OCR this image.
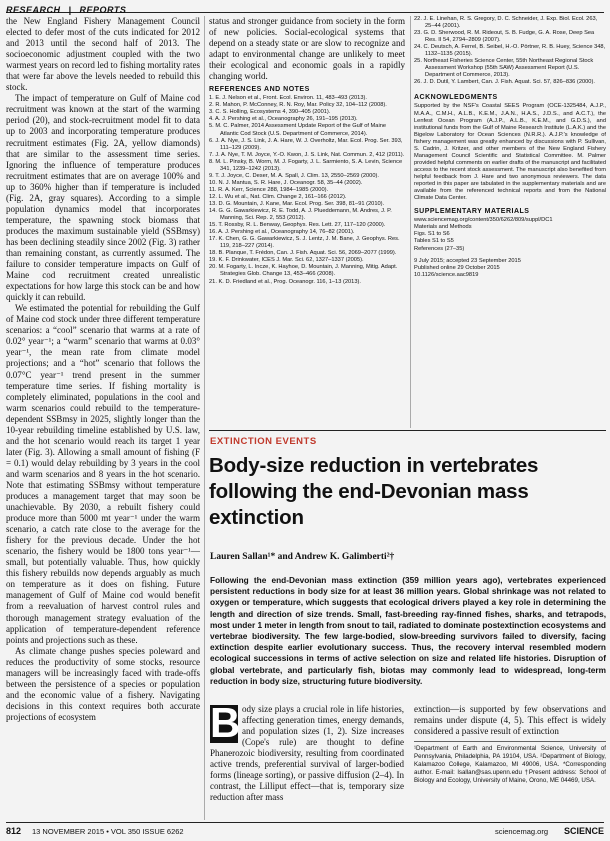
RESEARCH | REPORTS

the New England Fishery Management Council elected to defer most of the cuts indicated for 2012 and 2013 until the second half of 2013. The socioeconomic adjustment coupled with the two warmest years on record led to fishing mortality rates that were far above the levels needed to rebuild this stock.

The impact of temperature on Gulf of Maine cod recruitment was known at the start of the warming period (20), and stock-recruitment model fit to data up to 2003 and incorporating temperature produces recruitment estimates (Fig. 2A, yellow diamonds) that are similar to the assessment time series. Ignoring the influence of temperature produces recruitment estimates that are on average 100% and up to 360% higher than if temperature is included (Fig. 2A, gray squares). According to a simple population dynamics model that incorporates temperature, the spawning stock biomass that produces the maximum sustainable yield (SSBmsy) has been declining steadily since 2002 (Fig. 3) rather than remaining constant, as currently assumed. The failure to consider temperature impacts on Gulf of Maine cod recruitment created unrealistic expectations for how large this stock can be and how quickly it can rebuild.

We estimated the potential for rebuilding the Gulf of Maine cod stock under three different temperature scenarios: a “cool” scenario that warms at a rate of 0.02° year⁻¹; a “warm” scenario that warms at 0.03° year⁻¹, the mean rate from climate model projections; and a “hot” scenario that follows the 0.07°C year⁻¹ trend present in the summer temperature time series. If fishing mortality is completely eliminated, populations in the cool and warm scenarios could rebuild to the temperature-dependent SSBmsy in 2025, slightly longer than the 10-year rebuilding timeline established by U.S. law, and the hot scenario would reach its target 1 year later (Fig. 3). Allowing a small amount of fishing (F = 0.1) would delay rebuilding by 3 years in the cool and warm scenarios and 8 years in the hot scenario. Note that estimating SSBmsy without temperature produces a management target that may soon be unachievable. By 2030, a rebuilt fishery could produce more than 5000 mt year⁻¹ under the warm scenario, a catch rate close to the average for the fishery for the previous decade. Under the hot scenario, the fishery would be 1800 tons year⁻¹—small, but potentially valuable. Thus, how quickly this fishery rebuilds now depends arguably as much on temperature as it does on fishing. Future management of Gulf of Maine cod would benefit from a reevaluation of harvest control rules and thorough management strategy evaluation of the application of temperature-dependent reference points and projections such as these.

As climate change pushes species poleward and reduces the productivity of some stocks, resource managers will be increasingly faced with trade-offs between the persistence of a species or population and the economic value of a fishery. Navigating decisions in this context requires both accurate projections of ecosystem

status and stronger guidance from society in the form of new policies. Social-ecological systems that depend on a steady state or are slow to recognize and adapt to environmental change are unlikely to meet their ecological and economic goals in a rapidly changing world.

REFERENCES AND NOTES
1. E. J. Nelson et al., Front. Ecol. Environ. 11, 483–493 (2013).
2. R. Mahon, P. McConney, R. N. Roy, Mar. Policy 32, 104–112 (2008).
3. C. S. Holling, Ecosystems 4, 390–405 (2001).
4. A. J. Pershing et al., Oceanography 26, 191–195 (2013).
5. M. C. Palmer, 2014 Assessment Update Report of the Gulf of Maine Atlantic Cod Stock (U.S. Department of Commerce, 2014).
6. J. A. Nye, J. S. Link, J. A. Hare, W. J. Overholtz, Mar. Ecol. Prog. Ser. 393, 111–129 (2009).
7. J. A. Nye, T. M. Joyce, Y.-O. Kwon, J. S. Link, Nat. Commun. 2, 412 (2011).
8. M. L. Pinsky, B. Worm, M. J. Fogarty, J. L. Sarmiento, S. A. Levin, Science 341, 1239–1242 (2013).
9. T. J. Joyce, C. Deser, M. A. Spall, J. Clim. 13, 2550–2569 (2000).
10. N. J. Mantua, S. R. Hare, J. Oceanogr. 58, 35–44 (2002).
11. R. A. Kerr, Science 288, 1984–1985 (2000).
12. L. Wu et al., Nat. Clim. Change 2, 161–166 (2012).
13. D. G. Mountain, J. Kane, Mar. Ecol. Prog. Ser. 398, 81–91 (2010).
14. G. G. Gawarkiewicz, R. E. Todd, A. J. Plueddemann, M. Andres, J. P. Manning, Sci. Rep. 2, 553 (2012).
15. T. Rossby, R. L. Benway, Geophys. Res. Lett. 27, 117–120 (2000).
16. A. J. Pershing et al., Oceanography 14, 76–82 (2001).
17. K. Chen, G. G. Gawarkiewicz, S. J. Lentz, J. M. Bane, J. Geophys. Res. 119, 218–227 (2014).
18. B. Planque, T. Frédon, Can. J. Fish. Aquat. Sci. 56, 2069–2077 (1999).
19. K. F. Drinkwater, ICES J. Mar. Sci. 62, 1327–1337 (2005).
20. M. Fogarty, L. Incze, K. Hayhoe, D. Mountain, J. Manning, Mitig. Adapt. Strategies Glob. Change 13, 453–466 (2008).
21. K. D. Friedland et al., Prog. Oceanogr. 116, 1–13 (2013).
22. J. E. Linehan, R. S. Gregory, D. C. Schneider, J. Exp. Biol. Ecol. 263, 25–44 (2001).
23. G. D. Sherwood, R. M. Rideout, S. B. Fudge, G. A. Rose, Deep Sea Res. II 54, 2794–2809 (2007).
24. C. Deutsch, A. Ferrel, B. Seibel, H.-O. Pörtner, R. B. Huey, Science 348, 1132–1135 (2015).
25. Northeast Fisheries Science Center, 55th Northeast Regional Stock Assessment Workshop (55th SAW) Assessment Report (U.S. Department of Commerce, 2013).
26. J. D. Dutil, Y. Lambert, Can. J. Fish. Aquat. Sci. 57, 826–836 (2000).
ACKNOWLEDGMENTS
Supported by the NSF's Coastal SEES Program (OCE-1325484, A.J.P., M.A.A., C.M.H., A.L.B., K.E.M., J.A.N., H.A.S., J.D.S., and A.C.T.), the Lenfest Ocean Program (A.J.P., A.L.B., K.E.M., and G.D.S.), and institutional funds from the Gulf of Maine Research Institute (L.A.K.) and the Bigelow Laboratory for Ocean Sciences (N.R.R.). A.J.P.'s knowledge of fishery management was greatly enhanced by discussions with P. Sullivan, S. Cadrin, J. Kritzer, and other members of the New England Fishery Management Council Scientific and Statistical Committee. M. Palmer provided helpful comments on earlier drafts of the manuscript and facilitated access to the recent stock assessment. The manuscript also benefited from helpful feedback from J. Hare and two anonymous reviewers. The data reported in this paper are tabulated in the supplementary materials and are available from the referenced technical reports and from the National Climate Data Center.
SUPPLEMENTARY MATERIALS
www.sciencemag.org/content/350/6262/809/suppl/DC1
Materials and Methods
Figs. S1 to S6
Tables S1 to S5
References (27–35)
9 July 2015; accepted 23 September 2015
Published online 29 October 2015
10.1126/science.aac9819
EXTINCTION EVENTS
Body-size reduction in vertebrates following the end-Devonian mass extinction
Lauren Sallan¹* and Andrew K. Galimberti²†

Following the end-Devonian mass extinction (359 million years ago), vertebrates experienced persistent reductions in body size for at least 36 million years. Global shrinkage was not related to oxygen or temperature, which suggests that ecological drivers played a key role in determining the length and direction of size trends. Small, fast-breeding ray-finned fishes, sharks, and tetrapods, most under 1 meter in length from snout to tail, radiated to dominate postextinction ecosystems and vertebrae biodiversity. The few large-bodied, slow-breeding survivors failed to diversify, facing extinction despite earlier evolutionary success. Thus, the recovery interval resembled modern ecological successions in terms of active selection on size and related life histories. Disruption of global vertebrate, and particularly fish, biotas may commonly lead to widespread, long-term reduction in body size, structuring future biodiversity.

B ody size plays a crucial role in life histories, affecting generation times, energy demands, and population sizes (1, 2). Size increases (Cope's rule) are thought to define Phanerozoic biodiversity, resulting from coordinated active trends, preferential survival of larger-bodied forms (lineage sorting), or passive diffusion (2–4). In contrast, the Lilliput effect—that is, temporary size reduction after mass
extinction—is supported by few observations and remains under dispute (4, 5). This effect is widely considered a passive result of extinction
¹Department of Earth and Environmental Science, University of Pennsylvania, Philadelphia, PA 19104, USA. ²Department of Biology, Kalamazoo College, Kalamazoo, MI 49006, USA. *Corresponding author. E-mail: lsallan@sas.upenn.edu †Present address: School of Biology and Ecology, University of Maine, Orono, ME 04469, USA.
812 13 NOVEMBER 2015 • VOL 350 ISSUE 6262	sciencemag.org SCIENCE
